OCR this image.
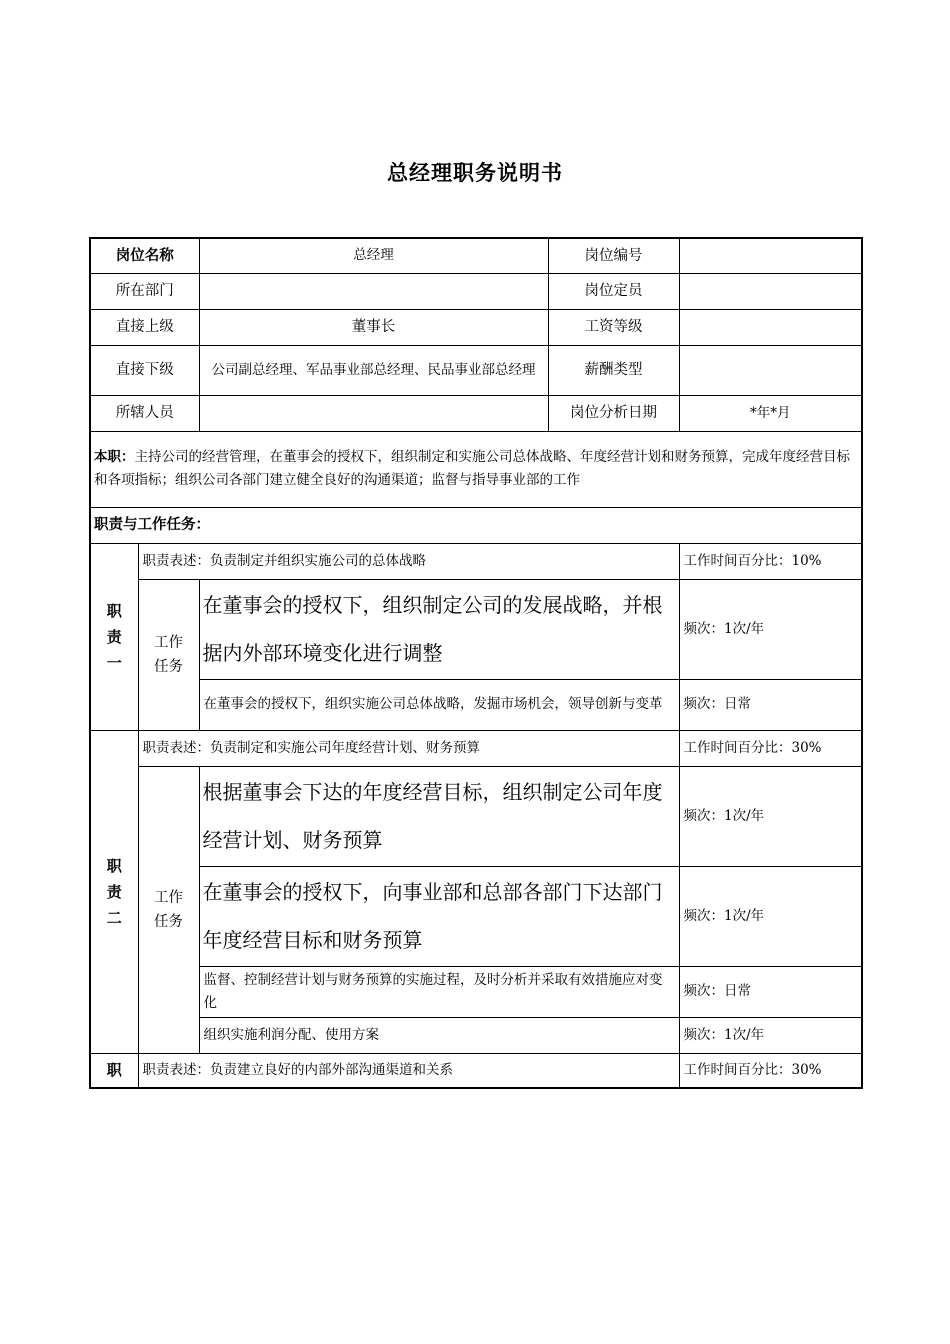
总经理职务说明书
岗位名称		总经理	岗位编号	
所在部门			岗位定员	
直接上级		董事长	工资等级	
直接下级		公司副总经理、军品事业部总经理、民品事业部总经理	薪酬类型	
所辖人员			岗位分析日期	*年*月
本职：主持公司的经营管理，在董事会的授权下，组织制定和实施公司总体战略、年度经营计划和财务预算，完成年度经营目标和各项指标；组织公司各部门建立健全良好的沟通渠道；监督与指导事业部的工作				
职责与工作任务：				
职责一	职责表述：负责制定并组织实施公司的总体战略			工作时间百分比：10%
	工作任务	在董事会的授权下，组织制定公司的发展战略，并根据内外部环境变化进行调整		频次：1次/年
		在董事会的授权下，组织实施公司总体战略，发掘市场机会，领导创新与变革		频次：日常
职责二	职责表述：负责制定和实施公司年度经营计划、财务预算			工作时间百分比：30%
	工作任务	根据董事会下达的年度经营目标，组织制定公司年度经营计划、财务预算		频次：1次/年
		在董事会的授权下，向事业部和总部各部门下达部门年度经营目标和财务预算		频次：1次/年
		监督、控制经营计划与财务预算的实施过程，及时分析并采取有效措施应对变化		频次：日常
		组织实施利润分配、使用方案		频次：1次/年
职	职责表述：负责建立良好的内部外部沟通渠道和关系			工作时间百分比：30%
